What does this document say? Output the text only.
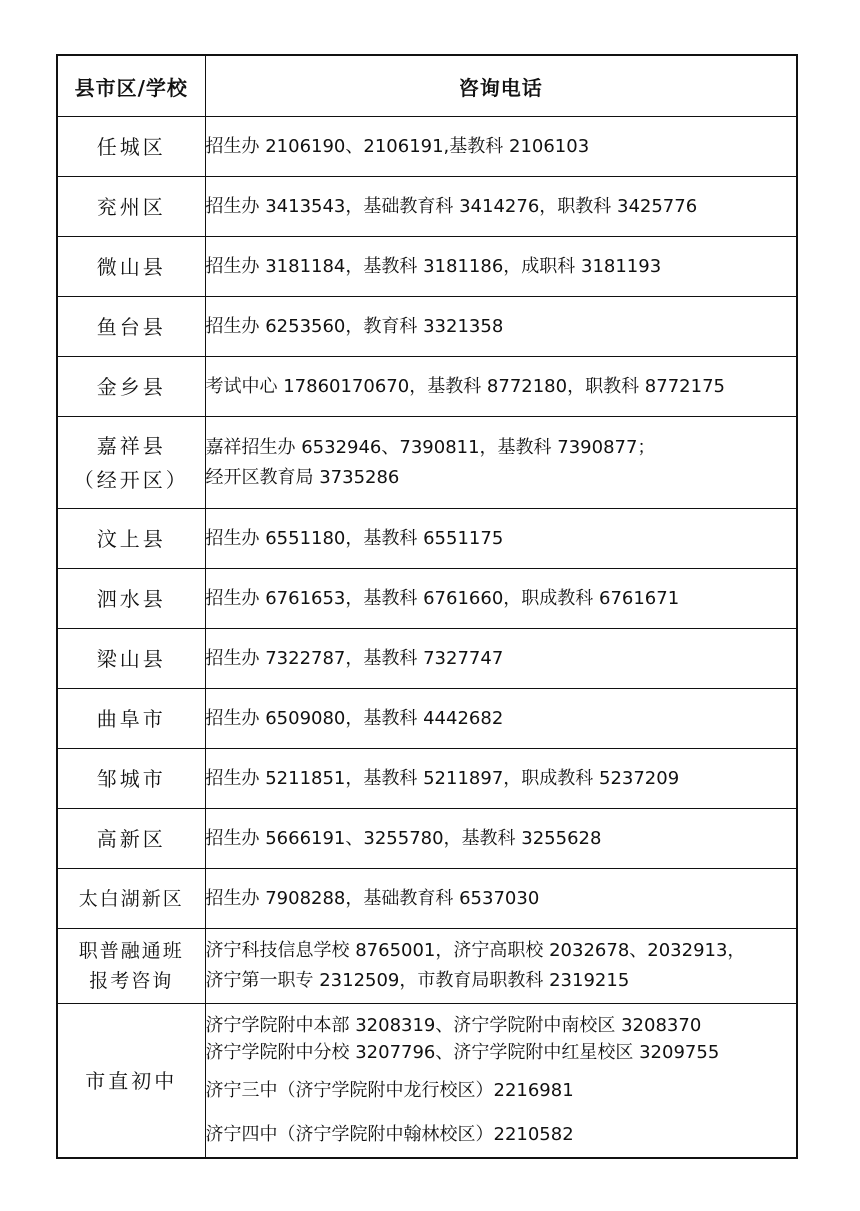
县市区/学校	咨询电话
任城区	招生办 2106190、2106191,基教科 2106103

兖州区	招生办 3413543，基础教育科 3414276，职教科 3425776

微山县	招生办 3181184，基教科 3181186，成职科 3181193

鱼台县	招生办 6253560，教育科 3321358

金乡县	考试中心 17860170670，基教科 8772180，职教科 8772175

嘉祥县
（经开区）	嘉祥招生办 6532946、7390811，基教科 7390877；
经开区教育局 3735286

汶上县	招生办 6551180，基教科 6551175

泗水县	招生办 6761653，基教科 6761660，职成教科 6761671

梁山县	招生办 7322787，基教科 7327747

曲阜市	招生办 6509080，基教科 4442682

邹城市	招生办 5211851，基教科 5211897，职成教科 5237209

高新区	招生办 5666191、3255780，基教科 3255628

太白湖新区	招生办 7908288，基础教育科 6537030

职普融通班
报考咨询	济宁科技信息学校 8765001，济宁高职校 2032678、2032913，
济宁第一职专 2312509，市教育局职教科 2319215

市直初中	济宁学院附中本部 3208319、济宁学院附中南校区 3208370
济宁学院附中分校 3207796、济宁学院附中红星校区 3209755
济宁三中（济宁学院附中龙行校区）2216981
济宁四中（济宁学院附中翰林校区）2210582
